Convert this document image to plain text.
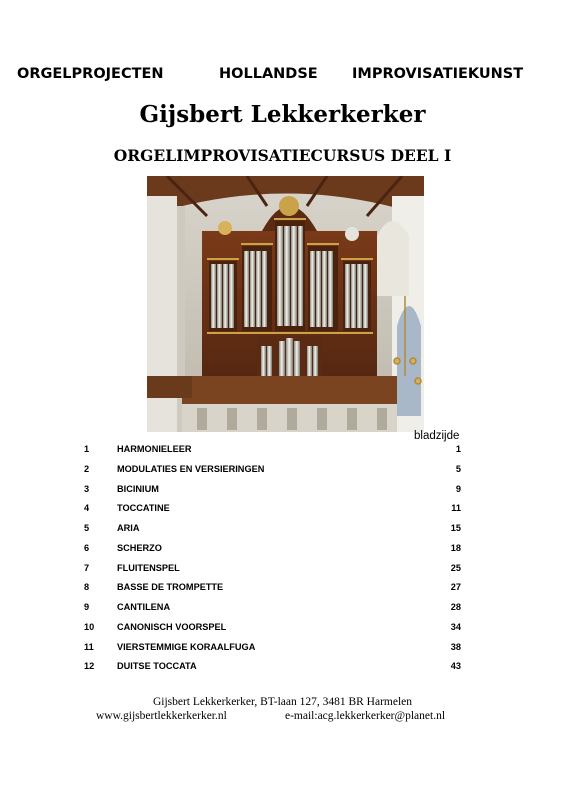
ORGELPROJECTEN	HOLLANDSE IMPROVISATIEKUNST
Gijsbert Lekkerkerker
ORGELIMPROVISATIECURSUS DEEL I
bladzijde
1	HARMONIELEER	1
2	MODULATIES EN VERSIERINGEN	5
3	BICINIUM	9
4	TOCCATINE	11
5	ARIA	15
6	SCHERZO	18
7	FLUITENSPEL	25
8	BASSE DE TROMPETTE	27
9	CANTILENA	28
10 CANONISCH VOORSPEL	34
11	VIERSTEMMIGE KORAALFUGA	38
12 DUITSE TOCCATA	43
Gijsbert Lekkerkerker, BT-laan 127, 3481 BR Harmelen
www.gijsbertlekkerkerker.nl	e-mail:acg.lekkerkerker@planet.nl
